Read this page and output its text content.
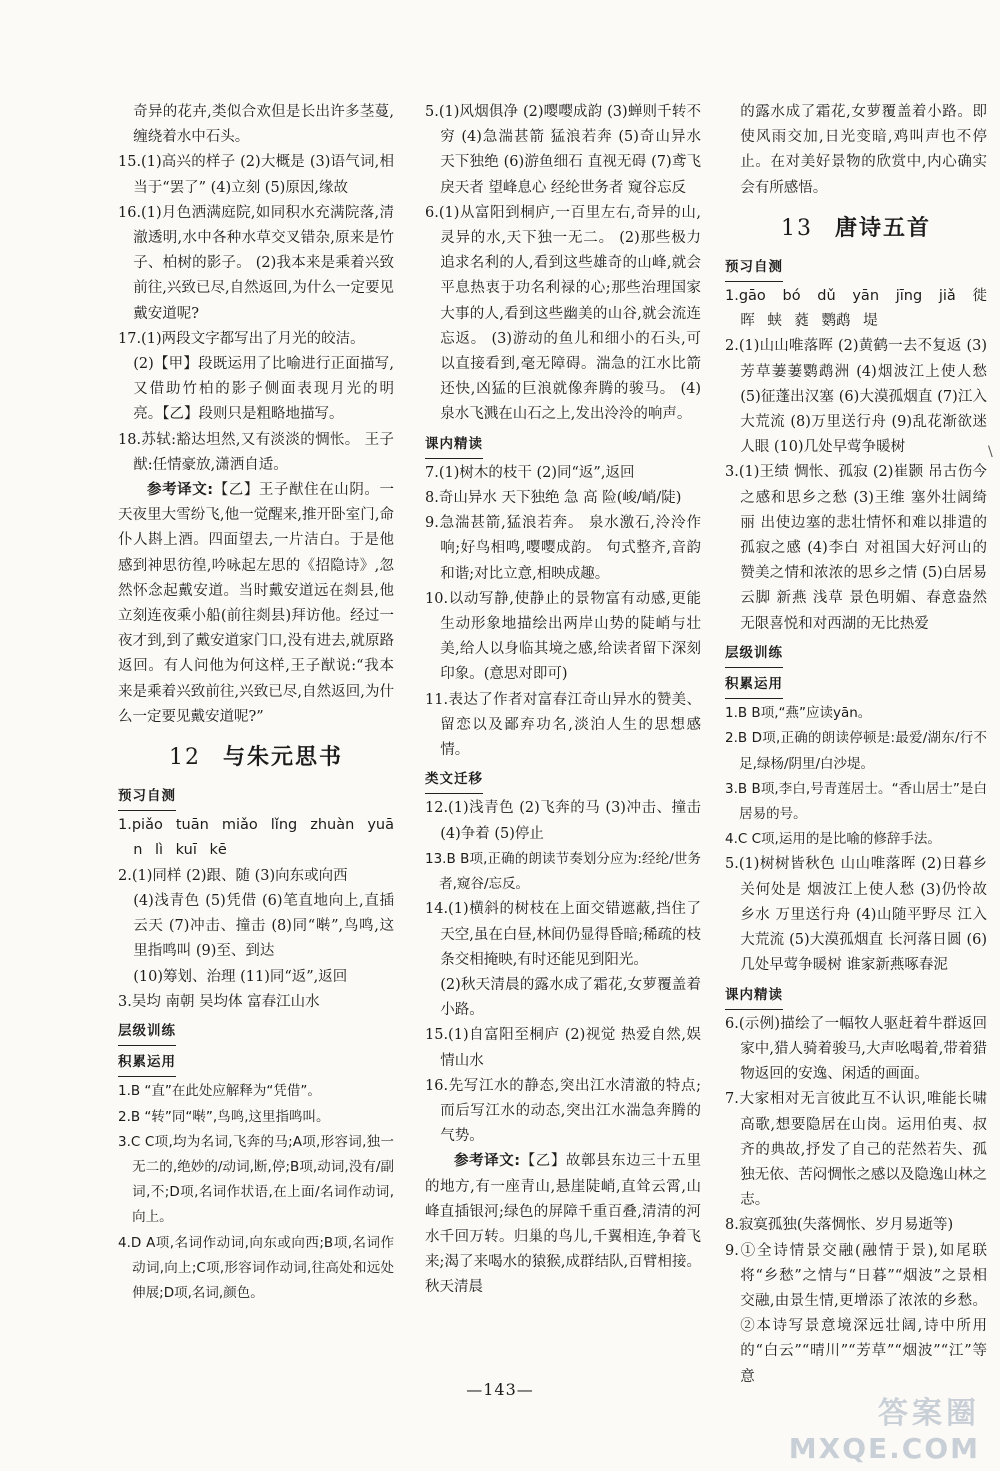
奇异的花卉,类似合欢但是长出许多茎蔓,缠绕着水中石头。

15.(1)高兴的样子 (2)大概是 (3)语气词,相当于“罢了” (4)立刻 (5)原因,缘故

16.(1)月色洒满庭院,如同积水充满院落,清澈透明,水中各种水草交叉错杂,原来是竹子、柏树的影子。 (2)我本来是乘着兴致前往,兴致已尽,自然返回,为什么一定要见戴安道呢?

17.(1)两段文字都写出了月光的皎洁。

(2)【甲】段既运用了比喻进行正面描写,又借助竹柏的影子侧面表现月光的明亮。【乙】段则只是粗略地描写。

18.苏轼:豁达坦然,又有淡淡的惆怅。 王子猷:任情豪放,潇洒自适。

参考译文:【乙】王子猷住在山阴。一天夜里大雪纷飞,他一觉醒来,推开卧室门,命仆人斟上酒。四面望去,一片洁白。于是他感到神思彷徨,吟咏起左思的《招隐诗》,忽然怀念起戴安道。当时戴安道远在剡县,他立刻连夜乘小船(前往剡县)拜访他。经过一夜才到,到了戴安道家门口,没有进去,就原路返回。有人问他为何这样,王子猷说:“我本来是乘着兴致前往,兴致已尽,自然返回,为什么一定要见戴安道呢?”

12 与朱元思书

预习自测

1.piǎo tuān miǎo lǐng zhuàn yuān lì kuī kē

2.(1)同样 (2)跟、随 (3)向东或向西

(4)浅青色 (5)凭借 (6)笔直地向上,直插云天 (7)冲击、撞击 (8)同“啭”,鸟鸣,这里指鸣叫 (9)至、到达

(10)筹划、治理 (11)同“返”,返回

3.吴均 南朝 吴均体 富春江山水

层级训练

积累运用

1.B “直”在此处应解释为“凭借”。

2.B “转”同“啭”,鸟鸣,这里指鸣叫。

3.C C项,均为名词,飞奔的马;A项,形容词,独一无二的,绝妙的/动词,断,停;B项,动词,没有/副词,不;D项,名词作状语,在上面/名词作动词,向上。

4.D A项,名词作动词,向东或向西;B项,名词作动词,向上;C项,形容词作动词,往高处和远处伸展;D项,名词,颜色。

5.(1)风烟俱净 (2)嘤嘤成韵 (3)蝉则千转不穷 (4)急湍甚箭 猛浪若奔 (5)奇山异水 天下独绝 (6)游鱼细石 直视无碍 (7)鸢飞戾天者 望峰息心 经纶世务者 窥谷忘反

6.(1)从富阳到桐庐,一百里左右,奇异的山,灵异的水,天下独一无二。 (2)那些极力追求名利的人,看到这些雄奇的山峰,就会平息热衷于功名利禄的心;那些治理国家大事的人,看到这些幽美的山谷,就会流连忘返。 (3)游动的鱼儿和细小的石头,可以直接看到,毫无障碍。湍急的江水比箭还快,凶猛的巨浪就像奔腾的骏马。 (4)泉水飞溅在山石之上,发出泠泠的响声。

课内精读

7.(1)树木的枝干 (2)同“返”,返回

8.奇山异水 天下独绝 急 高 险(峻/峭/陡)

9.急湍甚箭,猛浪若奔。 泉水激石,泠泠作响;好鸟相鸣,嘤嘤成韵。 句式整齐,音韵和谐;对比立意,相映成趣。

10.以动写静,使静止的景物富有动感,更能生动形象地描绘出两岸山势的陡峭与壮美,给人以身临其境之感,给读者留下深刻印象。(意思对即可)

11.表达了作者对富春江奇山异水的赞美、留恋以及鄙弃功名,淡泊人生的思想感情。

类文迁移

12.(1)浅青色 (2)飞奔的马 (3)冲击、撞击 (4)争着 (5)停止

13.B B项,正确的朗读节奏划分应为:经纶/世务者,窥谷/忘反。

14.(1)横斜的树枝在上面交错遮蔽,挡住了天空,虽在白昼,林间仍显得昏暗;稀疏的枝条交相掩映,有时还能见到阳光。

(2)秋天清晨的露水成了霜花,女萝覆盖着小路。

15.(1)自富阳至桐庐 (2)视觉 热爱自然,娱情山水

16.先写江水的静态,突出江水清澈的特点;而后写江水的动态,突出江水湍急奔腾的气势。

参考译文:【乙】故鄣县东边三十五里的地方,有一座青山,悬崖陡峭,直耸云霄,山峰直插银河;绿色的屏障千重百叠,清清的河水千回万转。归巢的鸟儿,千翼相连,争着飞来;渴了来喝水的猿猴,成群结队,百臂相接。秋天清晨

的露水成了霜花,女萝覆盖着小路。即使风雨交加,日光变暗,鸡叫声也不停止。在对美好景物的欣赏中,内心确实会有所感悟。

13 唐诗五首

预习自测

1.gāo bó dǔ yān jīng jiǎ 徙 晖 蛱 蕤 鹦鹉 堤

2.(1)山山唯落晖 (2)黄鹤一去不复返 (3)芳草萋萋鹦鹉洲 (4)烟波江上使人愁 (5)征蓬出汉塞 (6)大漠孤烟直 (7)江入大荒流 (8)万里送行舟 (9)乱花渐欲迷人眼 (10)几处早莺争暖树

3.(1)王绩 惆怅、孤寂 (2)崔颢 吊古伤今之感和思乡之愁 (3)王维 塞外壮阔绮丽 出使边塞的悲壮情怀和难以排遣的孤寂之感 (4)李白 对祖国大好河山的赞美之情和浓浓的思乡之情 (5)白居易 云脚 新燕 浅草 景色明媚、春意盎然 无限喜悦和对西湖的无比热爱

层级训练

积累运用

1.B B项,“燕”应读yān。

2.B D项,正确的朗读停顿是:最爱/湖东/行不足,绿杨/阴里/白沙堤。

3.B B项,李白,号青莲居士。“香山居士”是白居易的号。

4.C C项,运用的是比喻的修辞手法。

5.(1)树树皆秋色 山山唯落晖 (2)日暮乡关何处是 烟波江上使人愁 (3)仍怜故乡水 万里送行舟 (4)山随平野尽 江入大荒流 (5)大漠孤烟直 长河落日圆 (6)几处早莺争暖树 谁家新燕啄春泥

课内精读

6.(示例)描绘了一幅牧人驱赶着牛群返回家中,猎人骑着骏马,大声吆喝着,带着猎物返回的安逸、闲适的画面。

7.大家相对无言彼此互不认识,唯能长啸高歌,想要隐居在山岗。运用伯夷、叔齐的典故,抒发了自己的茫然若失、孤独无依、苦闷惆怅之感以及隐逸山林之志。

8.寂寞孤独(失落惆怅、岁月易逝等)

9.①全诗情景交融(融情于景),如尾联将“乡愁”之情与“日暮”“烟波”之景相交融,由景生情,更增添了浓浓的乡愁。 ②本诗写景意境深远壮阔,诗中所用的“白云”“晴川”“芳草”“烟波”“江”等意

—143—
\
答案圈
MXQE.COM
